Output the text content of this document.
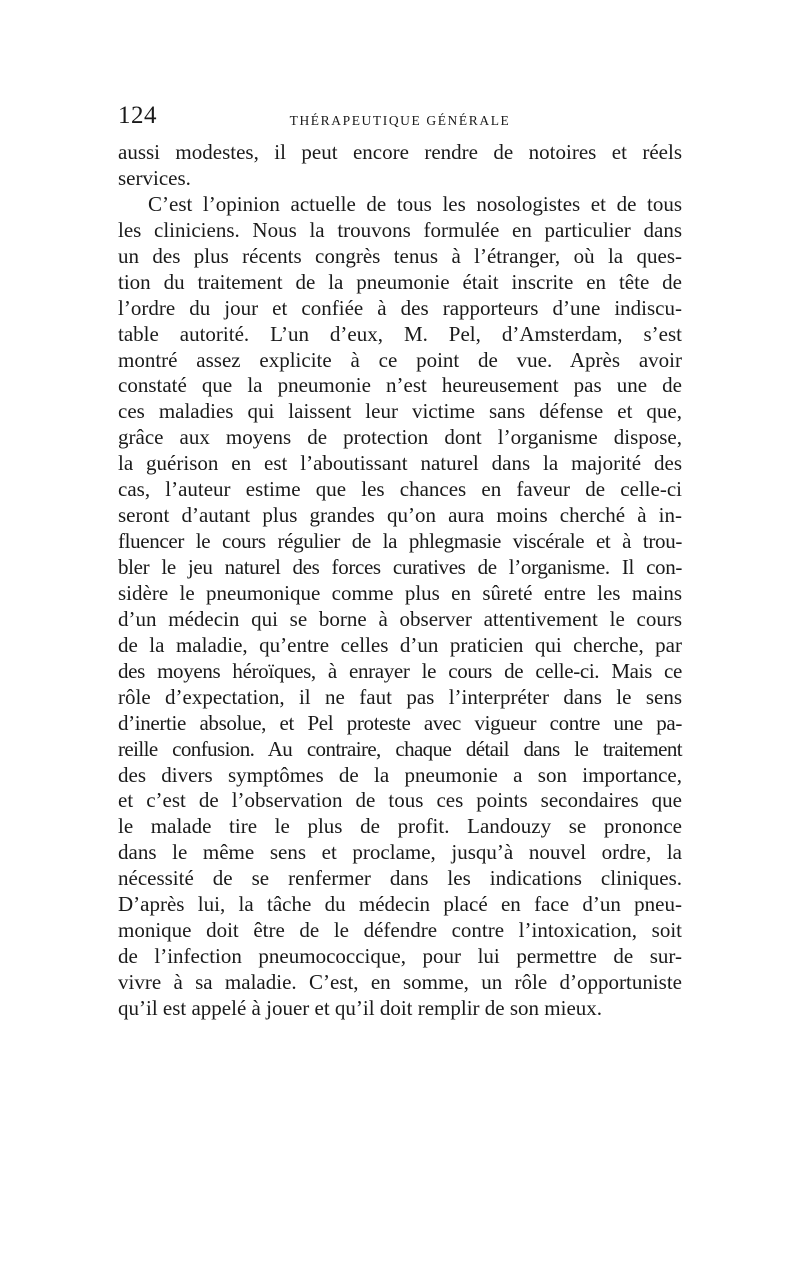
124	THÉRAPEUTIQUE GÉNÉRALE
aussi modestes, il peut encore rendre de notoires et réels
services.
C’est l’opinion actuelle de tous les nosologistes et de tous
les cliniciens. Nous la trouvons formulée en particulier dans
un des plus récents congrès tenus à l’étranger, où la ques-
tion du traitement de la pneumonie était inscrite en tête de
l’ordre du jour et confiée à des rapporteurs d’une indiscu-
table autorité. L’un d’eux, M. Pel, d’Amsterdam, s’est
montré assez explicite à ce point de vue. Après avoir
constaté que la pneumonie n’est heureusement pas une de
ces maladies qui laissent leur victime sans défense et que,
grâce aux moyens de protection dont l’organisme dispose,
la guérison en est l’aboutissant naturel dans la majorité des
cas, l’auteur estime que les chances en faveur de celle-ci
seront d’autant plus grandes qu’on aura moins cherché à in-
fluencer le cours régulier de la phlegmasie viscérale et à trou-
bler le jeu naturel des forces curatives de l’organisme. Il con-
sidère le pneumonique comme plus en sûreté entre les mains
d’un médecin qui se borne à observer attentivement le cours
de la maladie, qu’entre celles d’un praticien qui cherche, par
des moyens héroïques, à enrayer le cours de celle-ci. Mais ce
rôle d’expectation, il ne faut pas l’interpréter dans le sens
d’inertie absolue, et Pel proteste avec vigueur contre une pa-
reille confusion. Au contraire, chaque détail dans le traitement
des divers symptômes de la pneumonie a son importance,
et c’est de l’observation de tous ces points secondaires que
le malade tire le plus de profit. Landouzy se prononce
dans le même sens et proclame, jusqu’à nouvel ordre, la
nécessité de se renfermer dans les indications cliniques.
D’après lui, la tâche du médecin placé en face d’un pneu-
monique doit être de le défendre contre l’intoxication, soit
de l’infection pneumococcique, pour lui permettre de sur-
vivre à sa maladie. C’est, en somme, un rôle d’opportuniste
qu’il est appelé à jouer et qu’il doit remplir de son mieux.
